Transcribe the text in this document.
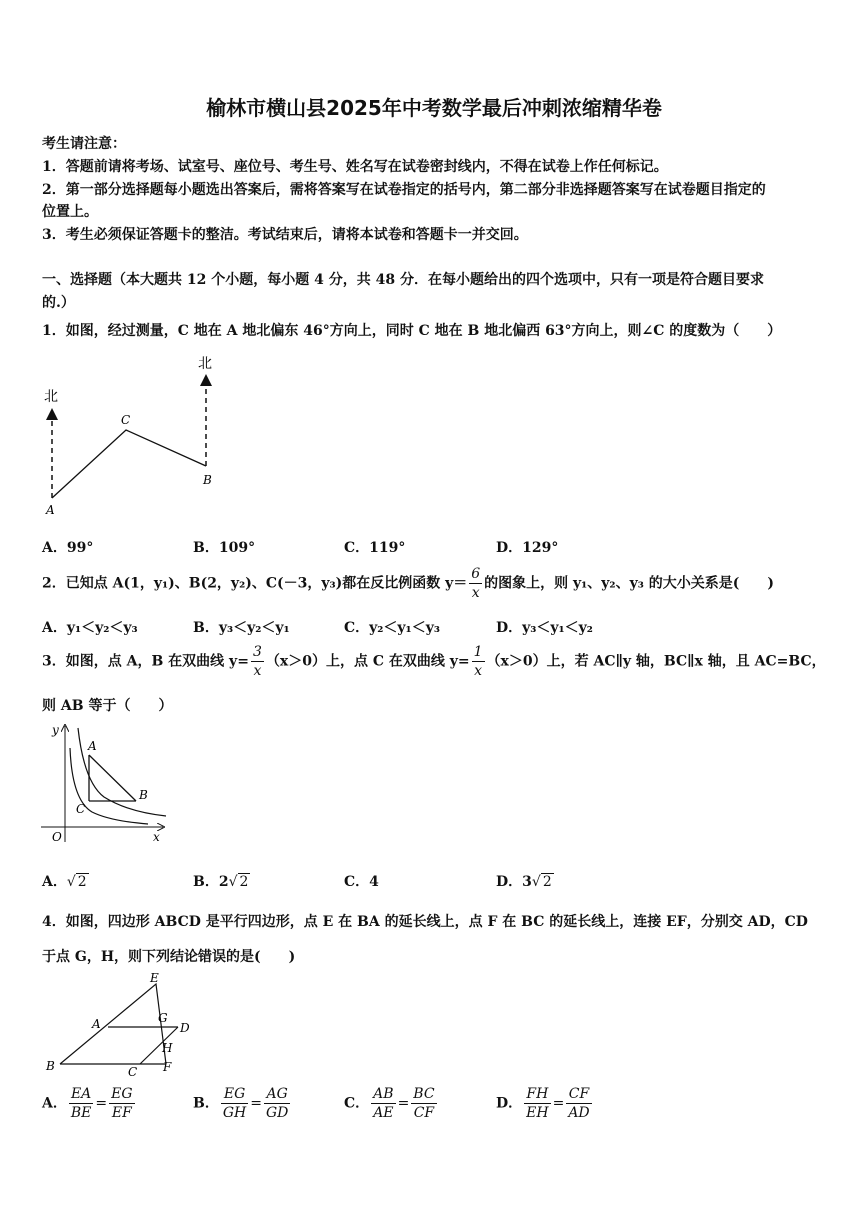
榆林市横山县2025年中考数学最后冲刺浓缩精华卷
考生请注意：
1．答题前请将考场、试室号、座位号、考生号、姓名写在试卷密封线内，不得在试卷上作任何标记。
2．第一部分选择题每小题选出答案后，需将答案写在试卷指定的括号内，第二部分非选择题答案写在试卷题目指定的
位置上。
3．考生必须保证答题卡的整洁。考试结束后，请将本试卷和答题卡一并交回。
一、选择题（本大题共 12 个小题，每小题 4 分，共 48 分．在每小题给出的四个选项中，只有一项是符合题目要求
的.）
1．如图，经过测量，C 地在 A 地北偏东 46°方向上，同时 C 地在 B 地北偏西 63°方向上，则∠C 的度数为（　　）
北
北
A
C
B
A．99°	B．109°	C．119°	D．129°
2．已知点 A(1，y₁)、B(2，y₂)、C(－3，y₃)都在反比例函数 $y= \frac{6}{x}$ 的图象上，则 y₁、y₂、y₃ 的大小关系是(　　)
A．y₁＜y₂＜y₃	B．y₃＜y₂＜y₁	C．y₂＜y₁＜y₃	D．y₃＜y₁＜y₂
3．如图，点 A，B 在双曲线 $y= \frac{3}{x} (x>0)$上，点 C 在双曲线 $y= \frac{1}{x} (x>0)$上，若 AC∥y 轴，BC∥x 轴，且 AC=BC，
则 AB 等于（　　）
y
x
O
A
B
C
A．√ 2	B．2√ 2	C．4	D．3√ 2
4．如图，四边形 ABCD 是平行四边形，点 E 在 BA 的延长线上，点 F 在 BC 的延长线上，连接 EF，分别交 AD，CD
于点 G，H，则下列结论错误的是(　　)
E
A	G
D
H
B	C F
A． $\frac{EA}{BE} = \frac{EG}{EF}$	B． $\frac{EG}{GH} = \frac{AG}{GD}$	C． $\frac{AB}{AE} = \frac{BC}{CF}$	D． $\frac{FH}{EH} = \frac{CF}{AD}$
